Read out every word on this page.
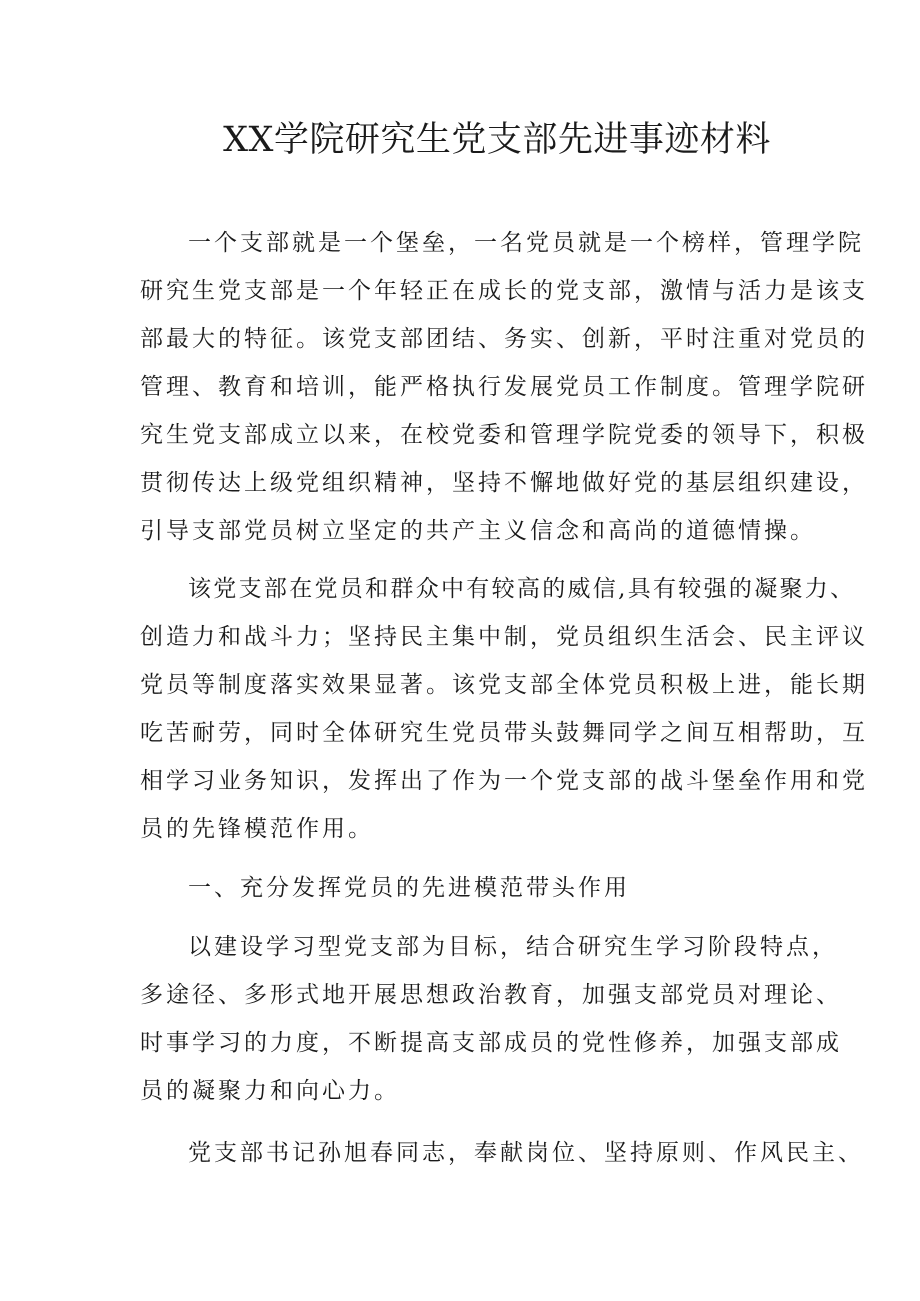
XX学院研究生党支部先进事迹材料
一个支部就是一个堡垒，一名党员就是一个榜样，管理学院
研究生党支部是一个年轻正在成长的党支部，激情与活力是该支
部最大的特征。该党支部团结、务实、创新，平时注重对党员的
管理、教育和培训，能严格执行发展党员工作制度。管理学院研
究生党支部成立以来，在校党委和管理学院党委的领导下，积极
贯彻传达上级党组织精神，坚持不懈地做好党的基层组织建设，
引导支部党员树立坚定的共产主义信念和高尚的道德情操。
该党支部在党员和群众中有较高的威信,具有较强的凝聚力、
创造力和战斗力；坚持民主集中制，党员组织生活会、民主评议
党员等制度落实效果显著。该党支部全体党员积极上进，能长期
吃苦耐劳，同时全体研究生党员带头鼓舞同学之间互相帮助，互
相学习业务知识，发挥出了作为一个党支部的战斗堡垒作用和党
员的先锋模范作用。
一、充分发挥党员的先进模范带头作用
以建设学习型党支部为目标，结合研究生学习阶段特点，
多途径、多形式地开展思想政治教育，加强支部党员对理论、
时事学习的力度，不断提高支部成员的党性修养，加强支部成
员的凝聚力和向心力。
党支部书记孙旭春同志，奉献岗位、坚持原则、作风民主、
